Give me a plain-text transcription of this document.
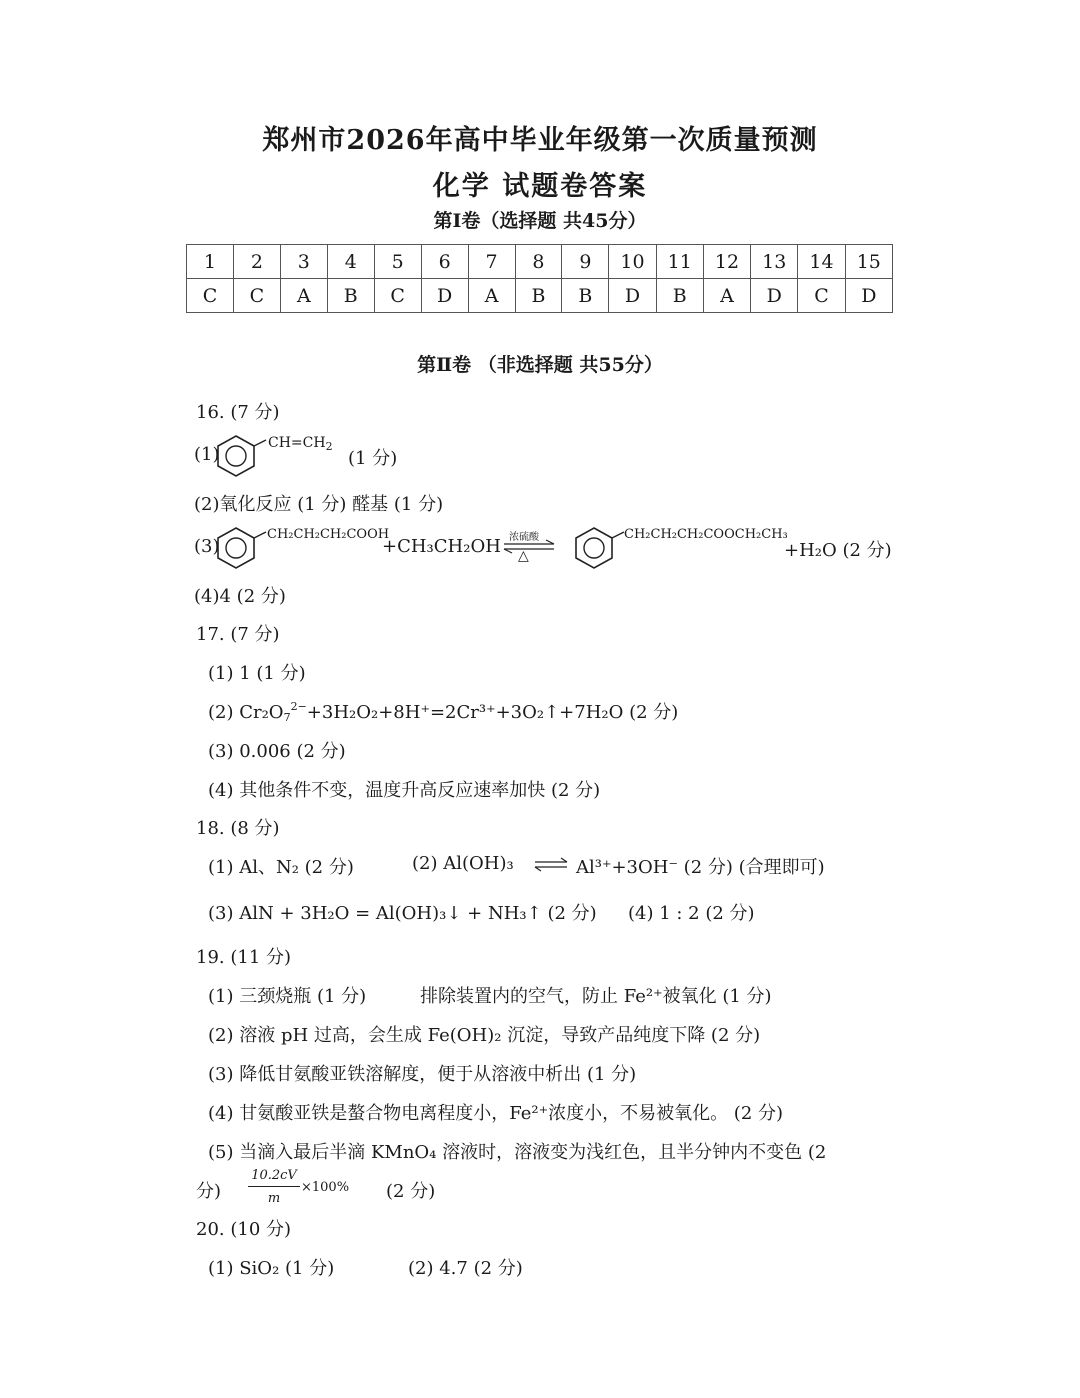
郑州市2026年高中毕业年级第一次质量预测
化学 试题卷答案
第Ⅰ卷（选择题 共45分）
1	2	3	4	5	6	7	8	9	10	11	12	13	14	15
C	C	A	B	C	D	A	B	B	D	B	A	D	C	D
第Ⅱ卷 （非选择题 共55分）
16. (7 分)
(1)
$CH=CH_2$
(1 分)
(2)氧化反应 (1 分) 醛基 (1 分)
(3)
CH₂CH₂CH₂COOH
+CH₃CH₂OH 浓硫酸
△
CH₂CH₂CH₂COOCH₂CH₃
+H₂O (2 分)
(4)4 (2 分)
17. (7 分)
(1) 1 (1 分)
(2) $Cr_2O_7^{2-}+3H_2O_2+8H^+=2Cr^{3+}+3O_2↑+7H_2O$ (2 分)
(3) 0.006 (2 分)
(4) 其他条件不变，温度升高反应速率加快 (2 分)
18. (8 分)
(1) Al、N₂ (2 分)	(2) Al(OH)₃ ⇌ Al³⁺+3OH⁻ (2 分) (合理即可)
(3) AlN + 3H₂O = Al(OH)₃↓ + NH₃↑ (2 分) (4) 1 : 2 (2 分)
19. (11 分)
(1) 三颈烧瓶 (1 分)	排除装置内的空气，防止 Fe²⁺被氧化 (1 分)
(2) 溶液 pH 过高，会生成 Fe(OH)₂ 沉淀，导致产品纯度下降 (2 分)
(3) 降低甘氨酸亚铁溶解度，便于从溶液中析出 (1 分)
(4) 甘氨酸亚铁是螯合物电离程度小，Fe²⁺浓度小，不易被氧化。 (2 分)
(5) 当滴入最后半滴 KMnO₄ 溶液时，溶液变为浅红色，且半分钟内不变色 (2
分)
10.2cV
m
×100% (2 分)
20. (10 分)
(1) SiO₂ (1 分)	(2) 4.7 (2 分)
